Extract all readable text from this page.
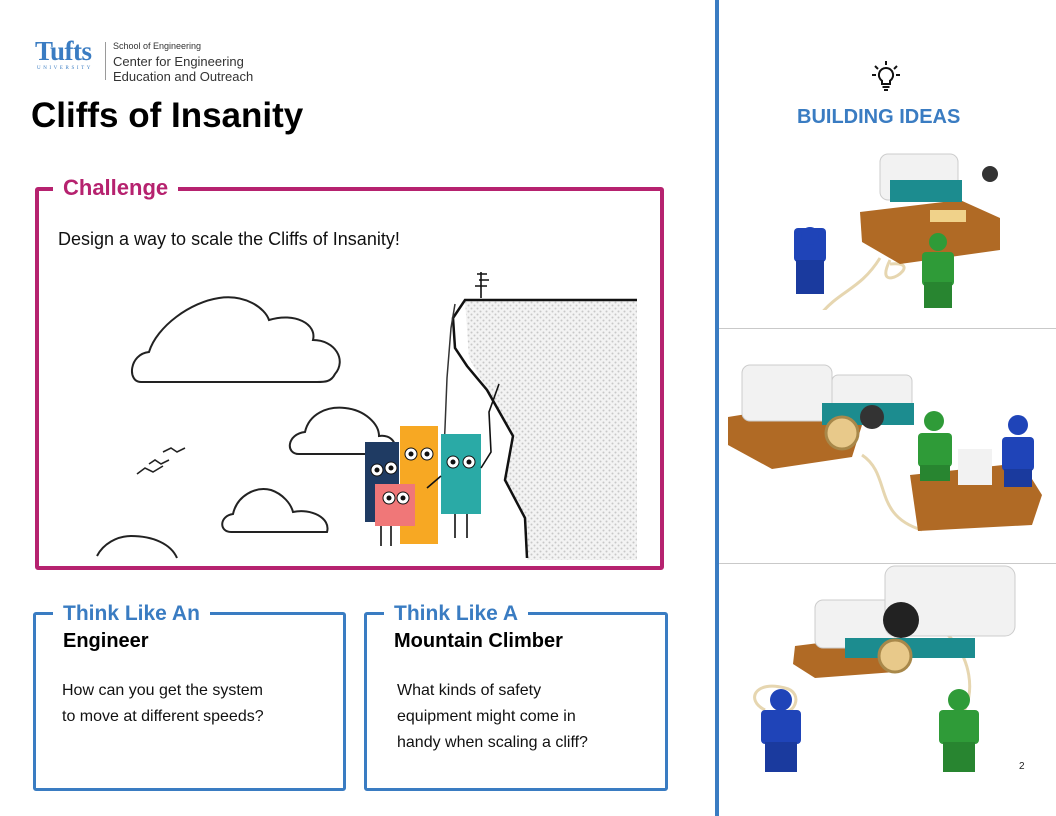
Tufts
UNIVERSITY
School of Engineering
Center for Engineering
Education and Outreach
Cliffs of Insanity
Challenge
Design a way to scale the Cliffs of Insanity!
Think Like An
Engineer
How can you get the system
to move at different speeds?
Think Like A
Mountain Climber
What kinds of safety
equipment might come in
handy when scaling a cliff?
BUILDING IDEAS
2
